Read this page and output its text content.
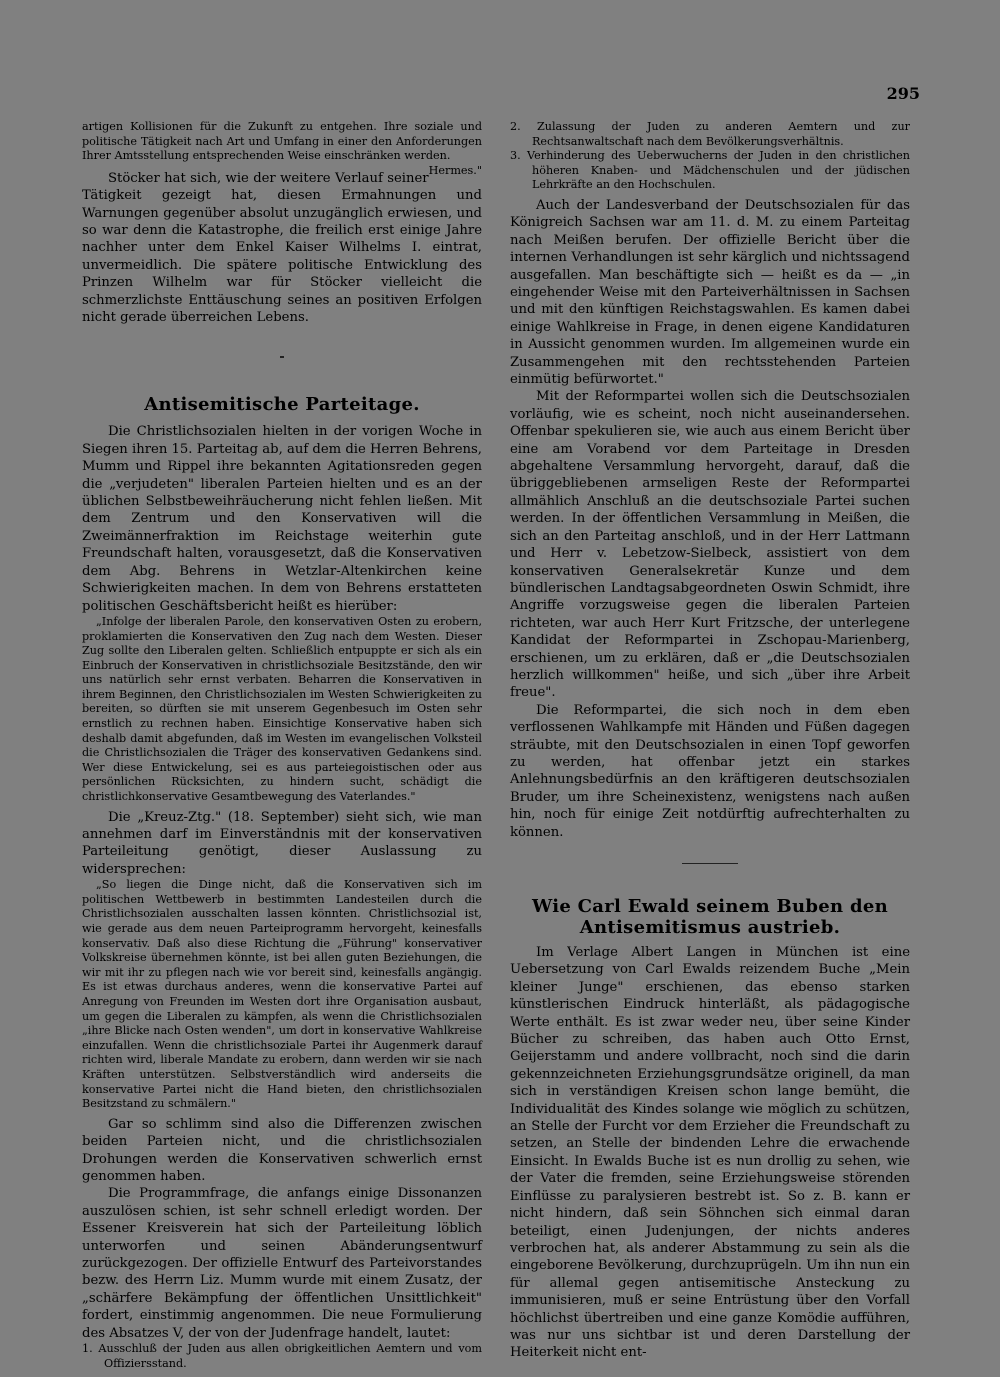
295

artigen Kollisionen für die Zukunft zu entgehen. Ihre soziale und politische Tätigkeit nach Art und Umfang in einer den Anforderungen Ihrer Amtsstellung entsprechenden Weise einschränken werden.
Hermes."

Stöcker hat sich, wie der weitere Verlauf seiner Tätigkeit gezeigt hat, diesen Ermahnungen und Warnungen gegenüber absolut unzugänglich erwiesen, und so war denn die Katastrophe, die freilich erst einige Jahre nachher unter dem Enkel Kaiser Wilhelms I. eintrat, unvermeidlich. Die spätere politische Entwicklung des Prinzen Wilhelm war für Stöcker vielleicht die schmerzlichste Enttäuschung seines an positiven Erfolgen nicht gerade überreichen Lebens.

Antisemitische Parteitage.

Die Christlichsozialen hielten in der vorigen Woche in Siegen ihren 15. Parteitag ab, auf dem die Herren Behrens, Mumm und Rippel ihre bekannten Agitationsreden gegen die „verjudeten" liberalen Parteien hielten und es an der üblichen Selbstbeweihräucherung nicht fehlen ließen. Mit dem Zentrum und den Konservativen will die Zweimännerfraktion im Reichstage weiterhin gute Freundschaft halten, vorausgesetzt, daß die Konservativen dem Abg. Behrens in Wetzlar-Altenkirchen keine Schwierigkeiten machen. In dem von Behrens erstatteten politischen Geschäftsbericht heißt es hierüber:

„Infolge der liberalen Parole, den konservativen Osten zu erobern, proklamierten die Konservativen den Zug nach dem Westen. Dieser Zug sollte den Liberalen gelten. Schließlich entpuppte er sich als ein Einbruch der Konservativen in christlichsoziale Besitzstände, den wir uns natürlich sehr ernst verbaten. Beharren die Konservativen in ihrem Beginnen, den Christlichsozialen im Westen Schwierigkeiten zu bereiten, so dürften sie mit unserem Gegenbesuch im Osten sehr ernstlich zu rechnen haben. Einsichtige Konservative haben sich deshalb damit abgefunden, daß im Westen im evangelischen Volksteil die Christlichsozialen die Träger des konservativen Gedankens sind. Wer diese Entwickelung, sei es aus parteiegoistischen oder aus persönlichen Rücksichten, zu hindern sucht, schädigt die christlichkonservative Gesamtbewegung des Vaterlandes."

Die „Kreuz-Ztg." (18. September) sieht sich, wie man annehmen darf im Einverständnis mit der konservativen Parteileitung genötigt, dieser Auslassung zu widersprechen:

„So liegen die Dinge nicht, daß die Konservativen sich im politischen Wettbewerb in bestimmten Landesteilen durch die Christlichsozialen ausschalten lassen könnten. Christlichsozial ist, wie gerade aus dem neuen Parteiprogramm hervorgeht, keinesfalls konservativ. Daß also diese Richtung die „Führung" konservativer Volkskreise übernehmen könnte, ist bei allen guten Beziehungen, die wir mit ihr zu pflegen nach wie vor bereit sind, keinesfalls angängig. Es ist etwas durchaus anderes, wenn die konservative Partei auf Anregung von Freunden im Westen dort ihre Organisation ausbaut, um gegen die Liberalen zu kämpfen, als wenn die Christlichsozialen „ihre Blicke nach Osten wenden", um dort in konservative Wahlkreise einzufallen. Wenn die christlichsoziale Partei ihr Augenmerk darauf richten wird, liberale Mandate zu erobern, dann werden wir sie nach Kräften unterstützen. Selbstverständlich wird anderseits die konservative Partei nicht die Hand bieten, den christlichsozialen Besitzstand zu schmälern."

Gar so schlimm sind also die Differenzen zwischen beiden Parteien nicht, und die christlichsozialen Drohungen werden die Konservativen schwerlich ernst genommen haben.

Die Programmfrage, die anfangs einige Dissonanzen auszulösen schien, ist sehr schnell erledigt worden. Der Essener Kreisverein hat sich der Parteileitung löblich unterworfen und seinen Abänderungsentwurf zurückgezogen. Der offizielle Entwurf des Parteivorstandes bezw. des Herrn Liz. Mumm wurde mit einem Zusatz, der „schärfere Bekämpfung der öffentlichen Unsittlichkeit" fordert, einstimmig angenommen. Die neue Formulierung des Absatzes V, der von der Judenfrage handelt, lautet:

1. Ausschluß der Juden aus allen obrigkeitlichen Aemtern und vom Offiziersstand.
2. Zulassung der Juden zu anderen Aemtern und zur Rechtsanwaltschaft nach dem Bevölkerungsverhältnis.
3. Verhinderung des Ueberwucherns der Juden in den christlichen höheren Knaben- und Mädchenschulen und der jüdischen Lehrkräfte an den Hochschulen.

Auch der Landesverband der Deutschsozialen für das Königreich Sachsen war am 11. d. M. zu einem Parteitag nach Meißen berufen. Der offizielle Bericht über die internen Verhandlungen ist sehr kärglich und nichtssagend ausgefallen. Man beschäftigte sich — heißt es da — „in eingehender Weise mit den Parteiverhältnissen in Sachsen und mit den künftigen Reichstagswahlen. Es kamen dabei einige Wahlkreise in Frage, in denen eigene Kandidaturen in Aussicht genommen wurden. Im allgemeinen wurde ein Zusammengehen mit den rechtsstehenden Parteien einmütig befürwortet."

Mit der Reformpartei wollen sich die Deutschsozialen vorläufig, wie es scheint, noch nicht auseinandersehen. Offenbar spekulieren sie, wie auch aus einem Bericht über eine am Vorabend vor dem Parteitage in Dresden abgehaltene Versammlung hervorgeht, darauf, daß die übriggebliebenen armseligen Reste der Reformpartei allmählich Anschluß an die deutschsoziale Partei suchen werden. In der öffentlichen Versammlung in Meißen, die sich an den Parteitag anschloß, und in der Herr Lattmann und Herr v. Lebetzow-Sielbeck, assistiert von dem konservativen Generalsekretär Kunze und dem bündlerischen Landtagsabgeordneten Oswin Schmidt, ihre Angriffe vorzugsweise gegen die liberalen Parteien richteten, war auch Herr Kurt Fritzsche, der unterlegene Kandidat der Reformpartei in Zschopau-Marienberg, erschienen, um zu erklären, daß er „die Deutschsozialen herzlich willkommen" heiße, und sich „über ihre Arbeit freue".

Die Reformpartei, die sich noch in dem eben verflossenen Wahlkampfe mit Händen und Füßen dagegen sträubte, mit den Deutschsozialen in einen Topf geworfen zu werden, hat offenbar jetzt ein starkes Anlehnungsbedürfnis an den kräftigeren deutschsozialen Bruder, um ihre Scheinexistenz, wenigstens nach außen hin, noch für einige Zeit notdürftig aufrechterhalten zu können.

Wie Carl Ewald seinem Buben den
Antisemitismus austrieb.

Im Verlage Albert Langen in München ist eine Uebersetzung von Carl Ewalds reizendem Buche „Mein kleiner Junge" erschienen, das ebenso starken künstlerischen Eindruck hinterläßt, als pädagogische Werte enthält. Es ist zwar weder neu, über seine Kinder Bücher zu schreiben, das haben auch Otto Ernst, Geijerstamm und andere vollbracht, noch sind die darin gekennzeichneten Erziehungsgrundsätze originell, da man sich in verständigen Kreisen schon lange bemüht, die Individualität des Kindes solange wie möglich zu schützen, an Stelle der Furcht vor dem Erzieher die Freundschaft zu setzen, an Stelle der bindenden Lehre die erwachende Einsicht. In Ewalds Buche ist es nun drollig zu sehen, wie der Vater die fremden, seine Erziehungsweise störenden Einflüsse zu paralysieren bestrebt ist. So z. B. kann er nicht hindern, daß sein Söhnchen sich einmal daran beteiligt, einen Judenjungen, der nichts anderes verbrochen hat, als anderer Abstammung zu sein als die eingeborene Bevölkerung, durchzuprügeln. Um ihn nun ein für allemal gegen antisemitische Ansteckung zu immunisieren, muß er seine Entrüstung über den Vorfall höchlichst übertreiben und eine ganze Komödie aufführen, was nur uns sichtbar ist und deren Darstellung der Heiterkeit nicht ent-
